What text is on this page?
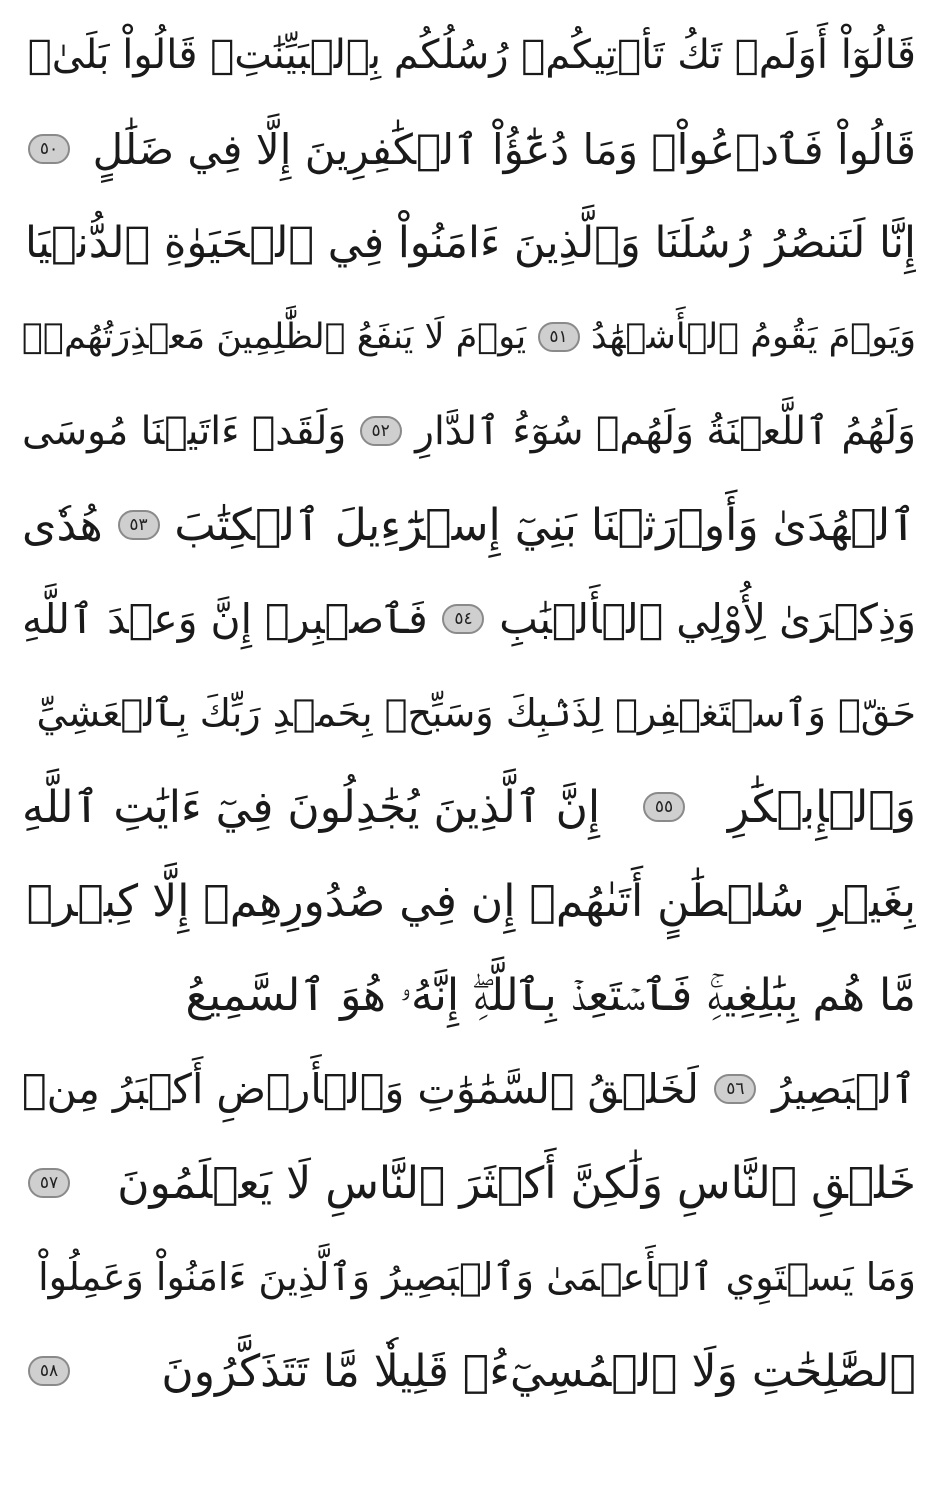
قَالُوٓاْ أَوَلَمۡ تَكُ تَأۡتِيكُمۡ رُسُلُكُم بِٱلۡبَيِّنَٰتِۖ قَالُواْ بَلَىٰۚ
قَالُواْ فَٱدۡعُواْۗ وَمَا دُعَٰٓؤُاْ ٱلۡكَٰفِرِينَ إِلَّا فِي ضَلَٰلٍ
٥٠
إِنَّا لَنَنصُرُ رُسُلَنَا وَٱلَّذِينَ ءَامَنُواْ فِي ٱلۡحَيَوٰةِ ٱلدُّنۡيَا
وَيَوۡمَ يَقُومُ ٱلۡأَشۡهَٰدُ
٥١
يَوۡمَ لَا يَنفَعُ ٱلظَّٰلِمِينَ مَعۡذِرَتُهُمۡۖ
وَلَهُمُ ٱللَّعۡنَةُ وَلَهُمۡ سُوٓءُ ٱلدَّارِ
٥٢
وَلَقَدۡ ءَاتَيۡنَا مُوسَى
ٱلۡهُدَىٰ وَأَوۡرَثۡنَا بَنِيٓ إِسۡرَٰٓءِيلَ ٱلۡكِتَٰبَ
٥٣
هُدٗى
وَذِكۡرَىٰ لِأُوْلِي ٱلۡأَلۡبَٰبِ
٥٤
فَٱصۡبِرۡ إِنَّ وَعۡدَ ٱللَّهِ
حَقّٞ وَٱسۡتَغۡفِرۡ لِذَنۢبِكَ وَسَبِّحۡ بِحَمۡدِ رَبِّكَ بِٱلۡعَشِيِّ
وَٱلۡإِبۡكَٰرِ
٥٥
إِنَّ ٱلَّذِينَ يُجَٰدِلُونَ فِيٓ ءَايَٰتِ ٱللَّهِ
بِغَيۡرِ سُلۡطَٰنٍ أَتَىٰهُمۡ إِن فِي صُدُورِهِمۡ إِلَّا كِبۡرٞ
مَّا هُم بِبَٰلِغِيهِۚ فَٱسۡتَعِذۡ بِٱللَّهِۖ إِنَّهُۥ هُوَ ٱلسَّمِيعُ
ٱلۡبَصِيرُ
٥٦
لَخَلۡقُ ٱلسَّمَٰوَٰتِ وَٱلۡأَرۡضِ أَكۡبَرُ مِنۡ
خَلۡقِ ٱلنَّاسِ وَلَٰكِنَّ أَكۡثَرَ ٱلنَّاسِ لَا يَعۡلَمُونَ
٥٧
وَمَا يَسۡتَوِي ٱلۡأَعۡمَىٰ وَٱلۡبَصِيرُ وَٱلَّذِينَ ءَامَنُواْ وَعَمِلُواْ
ٱلصَّٰلِحَٰتِ وَلَا ٱلۡمُسِيٓءُۚ قَلِيلٗا مَّا تَتَذَكَّرُونَ
٥٨
